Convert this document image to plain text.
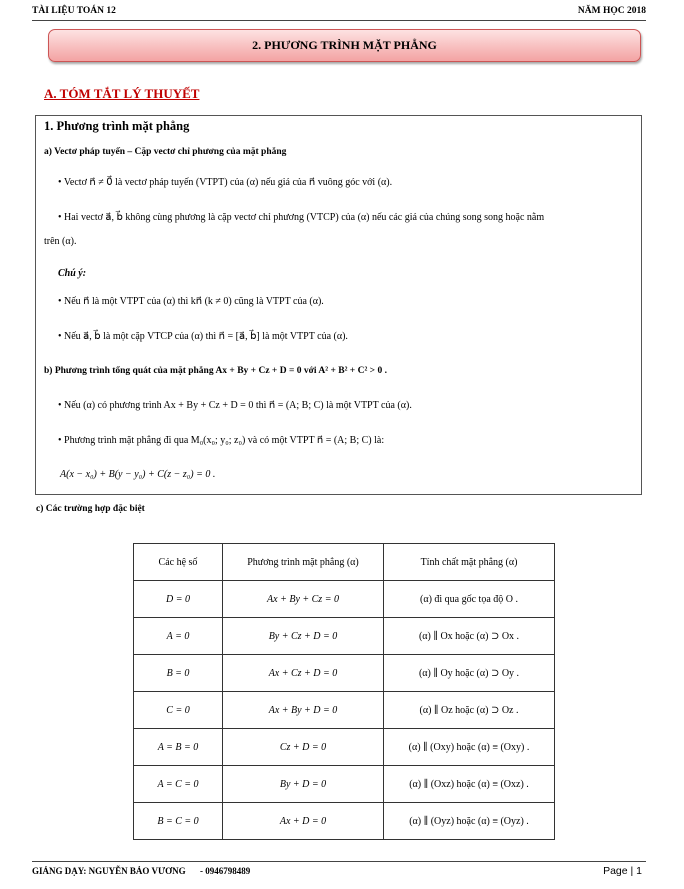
TÀI LIỆU TOÁN 12	NĂM HỌC 2018
2. PHƯƠNG TRÌNH MẶT PHẲNG
A. TÓM TẮT LÝ THUYẾT
1. Phương trình mặt phẳng
a) Vectơ pháp tuyến – Cặp vectơ chỉ phương của mặt phẳng
• Vectơ n⃗ ≠ 0⃗ là vectơ pháp tuyến (VTPT) của (α) nếu giá của n⃗ vuông góc với (α).
• Hai vectơ a⃗, b⃗ không cùng phương là cặp vectơ chỉ phương (VTCP) của (α) nếu các giá của chúng song song hoặc nằm
trên (α).
Chú ý:
• Nếu n⃗ là một VTPT của (α) thì kn⃗ (k ≠ 0) cũng là VTPT của (α).
• Nếu a⃗, b⃗ là một cặp VTCP của (α) thì n⃗ = [a⃗, b⃗] là một VTPT của (α).
b) Phương trình tổng quát của mặt phẳng Ax + By + Cz + D = 0 với A² + B² + C² > 0 .
• Nếu (α) có phương trình Ax + By + Cz + D = 0 thì n⃗ = (A; B; C) là một VTPT của (α).
• Phương trình mặt phẳng đi qua M₀(x₀; y₀; z₀) và có một VTPT n⃗ = (A; B; C) là:
A(x − x₀) + B(y − y₀) + C(z − z₀) = 0 .
c) Các trường hợp đặc biệt
Các hệ số	Phương trình mặt phẳng (α)	Tính chất mặt phẳng (α)
D = 0	Ax + By + Cz = 0	(α) đi qua gốc tọa độ O .
A = 0	By + Cz + D = 0	(α) ∥ Ox hoặc (α) ⊃ Ox .
B = 0	Ax + Cz + D = 0	(α) ∥ Oy hoặc (α) ⊃ Oy .
C = 0	Ax + By + D = 0	(α) ∥ Oz hoặc (α) ⊃ Oz .
A = B = 0	Cz + D = 0	(α) ∥ (Oxy) hoặc (α) ≡ (Oxy) .
A = C = 0	By + D = 0	(α) ∥ (Oxz) hoặc (α) ≡ (Oxz) .
B = C = 0	Ax + D = 0	(α) ∥ (Oyz) hoặc (α) ≡ (Oyz) .
GIẢNG DẠY: NGUYỄN BẢO VƯƠNG - 0946798489	Page | 1
